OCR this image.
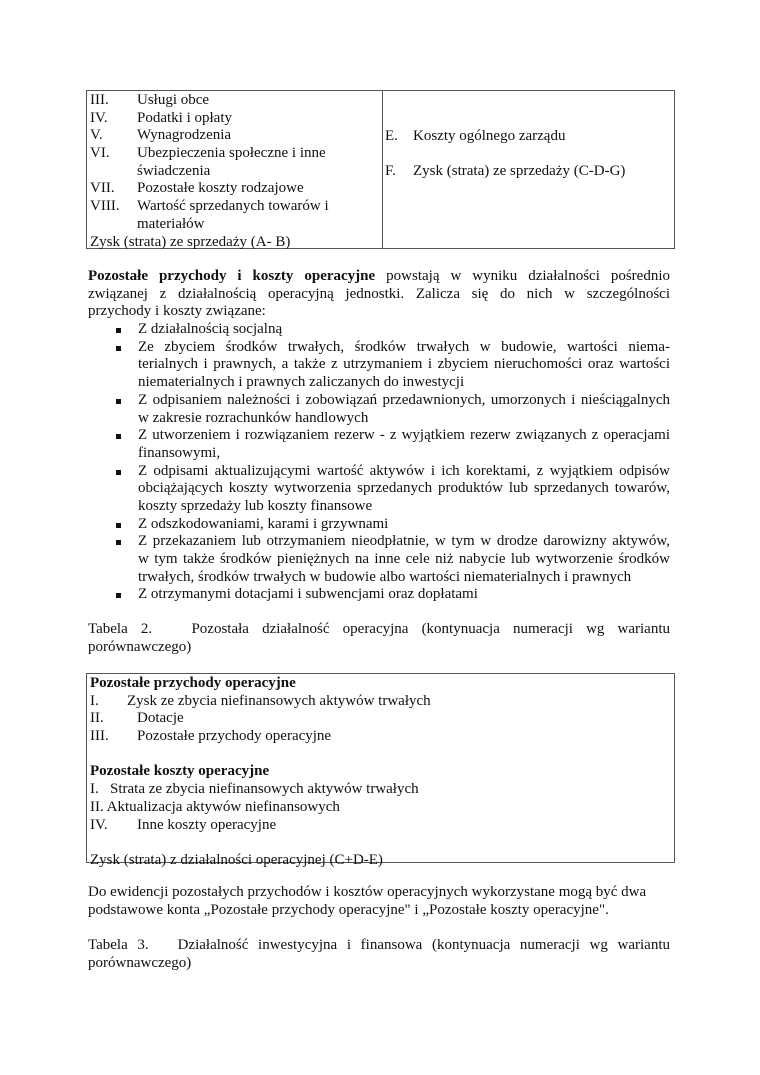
III. Usługi obce
IV. Podatki i opłaty
V. Wynagrodzenia
VI. Ubezpieczenia społeczne i inne
świadczenia
VII. Pozostałe koszty rodzajowe
VIII. Wartość sprzedanych towarów i
materiałów
Zysk (strata) ze sprzedaży (A- B)
E. Koszty ogólnego zarządu
F. Zysk (strata) ze sprzedaży (C-D-G)
Pozostałe przychody i koszty operacyjne powstają w wyniku działalności pośrednio
związanej z działalnością operacyjną jednostki. Zalicza się do nich w szczególności
przychody i koszty związane:
Z działalnością socjalną
Ze zbyciem środków trwałych, środków trwałych w budowie, wartości niema-
terialnych i prawnych, a także z utrzymaniem i zbyciem nieruchomości oraz wartości
niematerialnych i prawnych zaliczanych do inwestycji
Z odpisaniem należności i zobowiązań przedawnionych, umorzonych i nieściągalnych
w zakresie rozrachunków handlowych
Z utworzeniem i rozwiązaniem rezerw - z wyjątkiem rezerw związanych z operacjami
finansowymi,
Z odpisami aktualizującymi wartość aktywów i ich korektami, z wyjątkiem odpisów
obciążających koszty wytworzenia sprzedanych produktów lub sprzedanych towarów,
koszty sprzedaży lub koszty finansowe
Z odszkodowaniami, karami i grzywnami
Z przekazaniem lub otrzymaniem nieodpłatnie, w tym w drodze darowizny aktywów,
w tym także środków pieniężnych na inne cele niż nabycie lub wytworzenie środków
trwałych, środków trwałych w budowie albo wartości niematerialnych i prawnych
Z otrzymanymi dotacjami i subwencjami oraz dopłatami
Tabela 2.   Pozostała działalność operacyjna (kontynuacja numeracji wg wariantu
porównawczego)
Pozostałe przychody operacyjne
I. Zysk ze zbycia niefinansowych aktywów trwałych
II. Dotacje
III. Pozostałe przychody operacyjne
Pozostałe koszty operacyjne
I.   Strata ze zbycia niefinansowych aktywów trwałych
II. Aktualizacja aktywów niefinansowych
IV. Inne koszty operacyjne
Zysk (strata) z działalności operacyjnej (C+D-E)
Do ewidencji pozostałych przychodów i kosztów operacyjnych wykorzystane mogą być dwa
podstawowe konta „Pozostałe przychody operacyjne" i „Pozostałe koszty operacyjne".
Tabela 3.   Działalność inwestycyjna i finansowa (kontynuacja numeracji wg wariantu
porównawczego)
